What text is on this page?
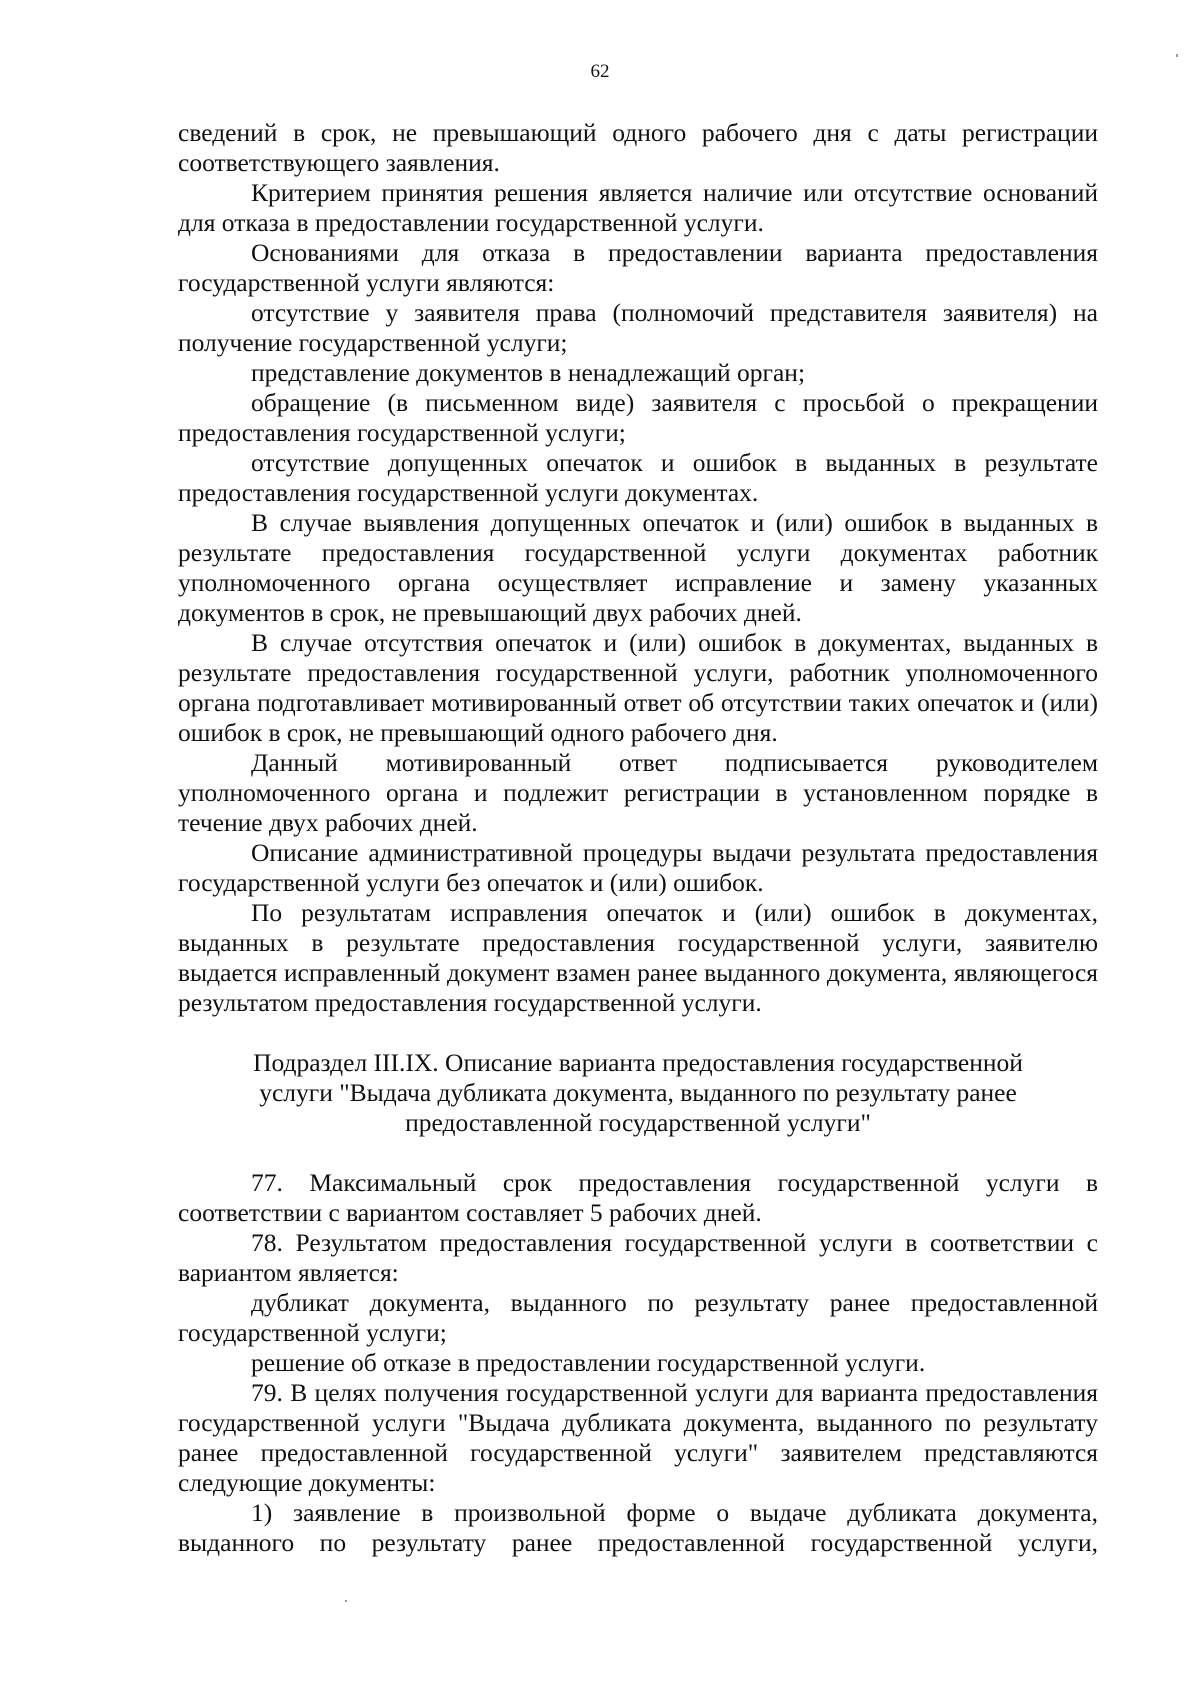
62

сведений в срок, не превышающий одного рабочего дня с даты регистрации соответствующего заявления.

Критерием принятия решения является наличие или отсутствие оснований для отказа в предоставлении государственной услуги.

Основаниями для отказа в предоставлении варианта предоставления государственной услуги являются:

отсутствие у заявителя права (полномочий представителя заявителя) на получение государственной услуги;

представление документов в ненадлежащий орган;

обращение (в письменном виде) заявителя с просьбой о прекращении предоставления государственной услуги;

отсутствие допущенных опечаток и ошибок в выданных в результате предоставления государственной услуги документах.

В случае выявления допущенных опечаток и (или) ошибок в выданных в результате предоставления государственной услуги документах работник уполномоченного органа осуществляет исправление и замену указанных документов в срок, не превышающий двух рабочих дней.

В случае отсутствия опечаток и (или) ошибок в документах, выданных в результате предоставления государственной услуги, работник уполномоченного органа подготавливает мотивированный ответ об отсутствии таких опечаток и (или) ошибок в срок, не превышающий одного рабочего дня.

Данный мотивированный ответ подписывается руководителем уполномоченного органа и подлежит регистрации в установленном порядке в течение двух рабочих дней.

Описание административной процедуры выдачи результата предоставления государственной услуги без опечаток и (или) ошибок.

По результатам исправления опечаток и (или) ошибок в документах, выданных в результате предоставления государственной услуги, заявителю выдается исправленный документ взамен ранее выданного документа, являющегося результатом предоставления государственной услуги.

Подраздел III.IX. Описание варианта предоставления государственной
услуги "Выдача дубликата документа, выданного по результату ранее
предоставленной государственной услуги"

77. Максимальный срок предоставления государственной услуги в соответствии с вариантом составляет 5 рабочих дней.

78. Результатом предоставления государственной услуги в соответствии с вариантом является:

дубликат документа, выданного по результату ранее предоставленной государственной услуги;

решение об отказе в предоставлении государственной услуги.

79. В целях получения государственной услуги для варианта предоставления государственной услуги "Выдача дубликата документа, выданного по результату ранее предоставленной государственной услуги" заявителем представляются следующие документы:

1) заявление в произвольной форме о выдаче дубликата документа, выданного по результату ранее предоставленной государственной услуги,
